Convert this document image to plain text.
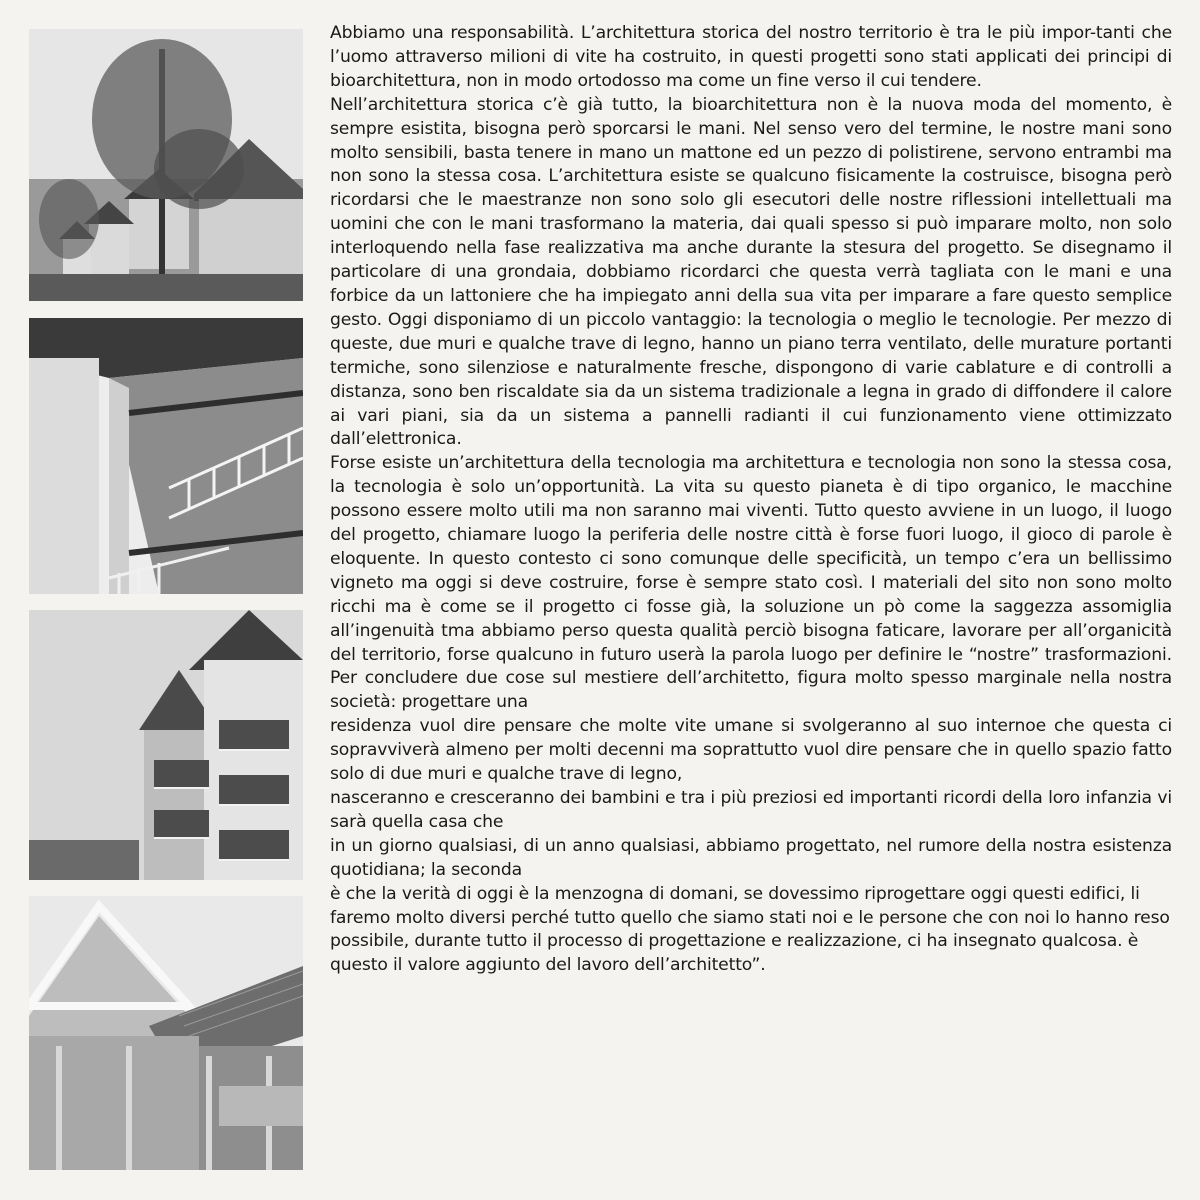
Abbiamo una responsabilità. L’architettura storica del nostro territorio è tra le più impor-tanti che l’uomo attraverso milioni di vite ha costruito, in questi progetti sono stati applicati dei principi di bioarchitettura, non in modo ortodosso ma come un fine verso il cui tendere.

Nell’architettura storica c’è già tutto, la bioarchitettura non è la nuova moda del momento, è sempre esistita, bisogna però sporcarsi le mani. Nel senso vero del termine, le nostre mani sono molto sensibili, basta tenere in mano un mattone ed un pezzo di polistirene, servono entrambi ma non sono la stessa cosa. L’architettura esiste se qualcuno fisicamente la costruisce, bisogna però ricordarsi che le maestranze non sono solo gli esecutori delle nostre riflessioni intellettuali ma uomini che con le mani trasformano la materia, dai quali spesso si può imparare molto, non solo interloquendo nella fase realizzativa ma anche durante la stesura del progetto. Se disegnamo il particolare di una grondaia, dobbiamo ricordarci che questa verrà tagliata con le mani e una forbice da un lattoniere che ha impiegato anni della sua vita per imparare a fare questo semplice gesto. Oggi disponiamo di un piccolo vantaggio: la tecnologia o meglio le tecnologie. Per mezzo di queste, due muri e qualche trave di legno, hanno un piano terra ventilato, delle murature portanti termiche, sono silenziose e naturalmente fresche, dispongono di varie cablature e di controlli a distanza, sono ben riscaldate sia da un sistema tradizionale a legna in grado di diffondere il calore ai vari piani, sia da un sistema a pannelli radianti il cui funzionamento viene ottimizzato dall’elettronica.

Forse esiste un’architettura della tecnologia ma architettura e tecnologia non sono la stessa cosa, la tecnologia è solo un’opportunità. La vita su questo pianeta è di tipo organico, le macchine possono essere molto utili ma non saranno mai viventi. Tutto questo avviene in un luogo, il luogo del progetto, chiamare luogo la periferia delle nostre città è forse fuori luogo, il gioco di parole è eloquente. In questo contesto ci sono comunque delle specificità, un tempo c’era un bellissimo vigneto ma oggi si deve costruire, forse è sempre stato così. I materiali del sito non sono molto ricchi ma è come se il progetto ci fosse già, la soluzione un pò come la saggezza assomiglia all’ingenuità tma abbiamo perso questa qualità perciò bisogna faticare, lavorare per all’organicità del territorio, forse qualcuno in futuro userà la parola luogo per definire le “nostre” trasformazioni. Per concludere due cose sul mestiere dell’architetto, figura molto spesso marginale nella nostra società: progettare una

residenza vuol dire pensare che molte vite umane si svolgeranno al suo internoe che questa ci sopravviverà almeno per molti decenni ma soprattutto vuol dire pensare che in quello spazio fatto solo di due muri e qualche trave di legno,

nasceranno e cresceranno dei bambini e tra i più preziosi ed importanti ricordi della loro infanzia vi sarà quella casa che

in un giorno qualsiasi, di un anno qualsiasi, abbiamo progettato, nel rumore della nostra esistenza quotidiana; la seconda

è che la verità di oggi è la menzogna di domani, se dovessimo riprogettare oggi questi edifici, li faremo molto diversi perché tutto quello che siamo stati noi e le persone che con noi lo hanno reso possibile, durante tutto il processo di progettazione e realizzazione, ci ha insegnato qualcosa. è questo il valore aggiunto del lavoro dell’architetto”.
